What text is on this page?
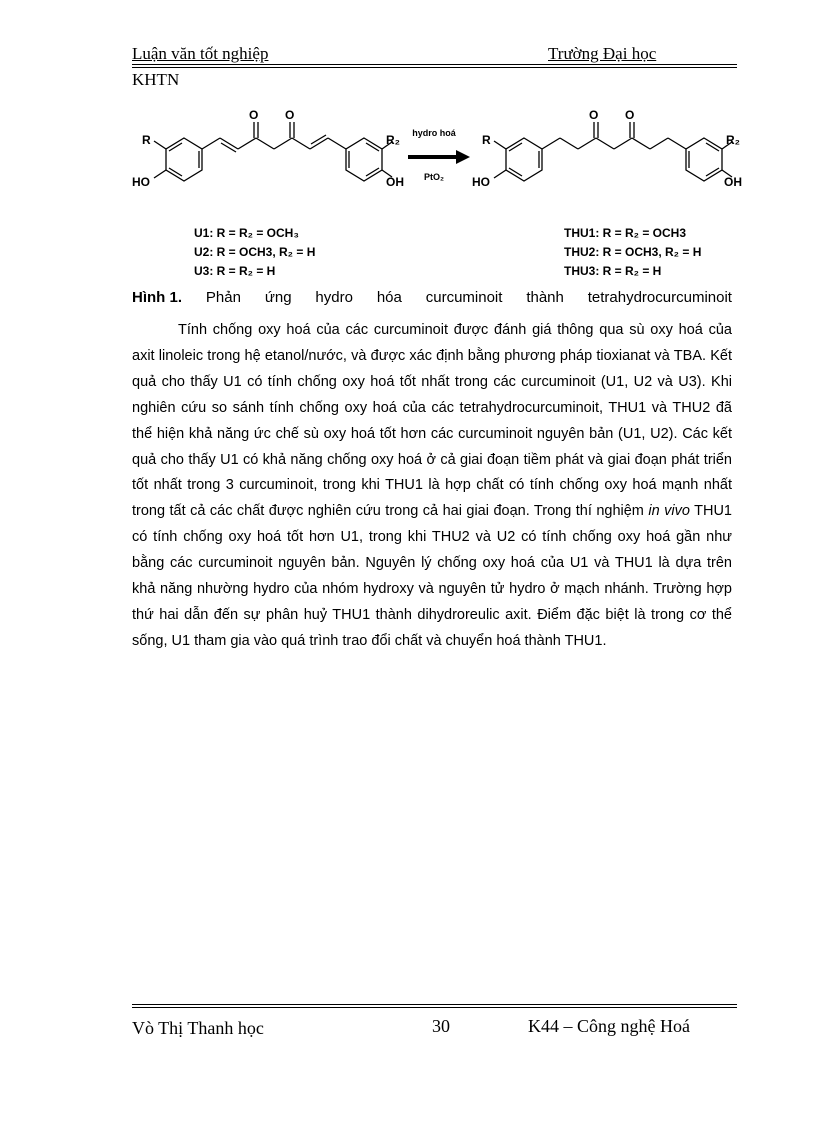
Luận văn tốt nghiệp	Trường Đại học
KHTN
hydro hoá
PtO₂
R
HO
O O
R₂
OH
R
HO
O O
R₂
OH
U1: R = R₂ = OCH₃
U2: R = OCH3, R₂ = H
U3: R = R₂ = H
THU1: R = R₂ = OCH3
THU2: R = OCH3, R₂ = H
THU3: R = R₂ = H
Hình 1. Phản ứng hydro hóa curcuminoit thành tetrahydrocurcuminoit
Tính chống oxy hoá của các curcuminoit được đánh giá thông qua sù oxy hoá của axit linoleic trong hệ etanol/nước, và được xác định bằng phương pháp tioxianat và TBA. Kết quả cho thấy U1 có tính chống oxy hoá tốt nhất trong các curcuminoit (U1, U2 và U3). Khi nghiên cứu so sánh tính chống oxy hoá của các tetrahydrocurcuminoit, THU1 và THU2 đã thể hiện khả năng ức chế sù oxy hoá tốt hơn các curcuminoit nguyên bản (U1, U2). Các kết quả cho thấy U1 có khả năng chống oxy hoá ở cả giai đoạn tiềm phát và giai đoạn phát triển tốt nhất trong 3 curcuminoit, trong khi THU1 là hợp chất có tính chống oxy hoá mạnh nhất trong tất cả các chất được nghiên cứu trong cả hai giai đoạn. Trong thí nghiệm in vivo THU1 có tính chống oxy hoá tốt hơn U1, trong khi THU2 và U2 có tính chống oxy hoá gần như bằng các curcuminoit nguyên bản. Nguyên lý chống oxy hoá của U1 và THU1 là dựa trên khả năng nhường hydro của nhóm hydroxy và nguyên tử hydro ở mạch nhánh. Trường hợp thứ hai dẫn đến sự phân huỷ THU1 thành dihydroreulic axit. Điểm đặc biệt là trong cơ thể sống, U1 tham gia vào quá trình trao đổi chất và chuyển hoá thành THU1.
Vò Thị Thanh học	30	K44 – Công nghệ Hoá
